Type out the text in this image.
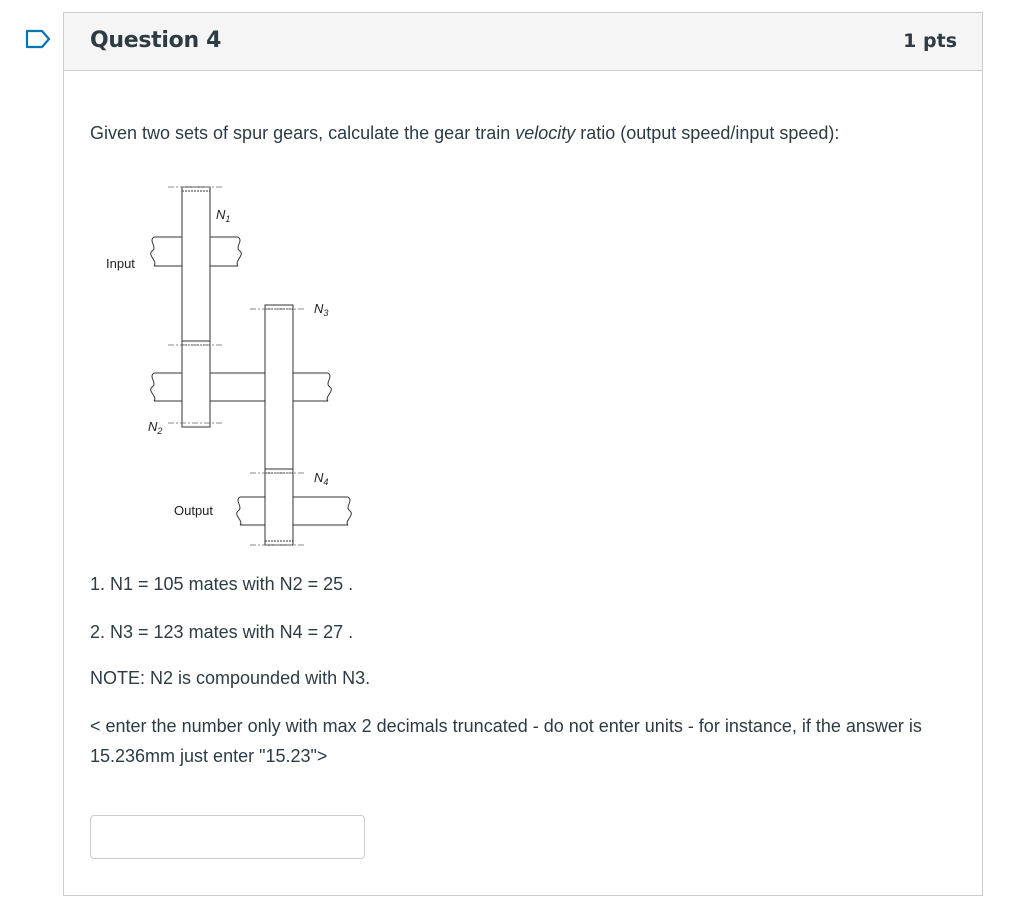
Question 4	1 pts
Given two sets of spur gears, calculate the gear train velocity ratio (output speed/input speed):
Input
Output
$N_1$
$N_2$
$N_3$
$N_4$
1. N1 = 105 mates with N2 = 25 .
2. N3 = 123 mates with N4 = 27 .
NOTE: N2 is compounded with N3.
< enter the number only with max 2 decimals truncated - do not enter units - for instance, if the answer is 15.236mm just enter "15.23">
